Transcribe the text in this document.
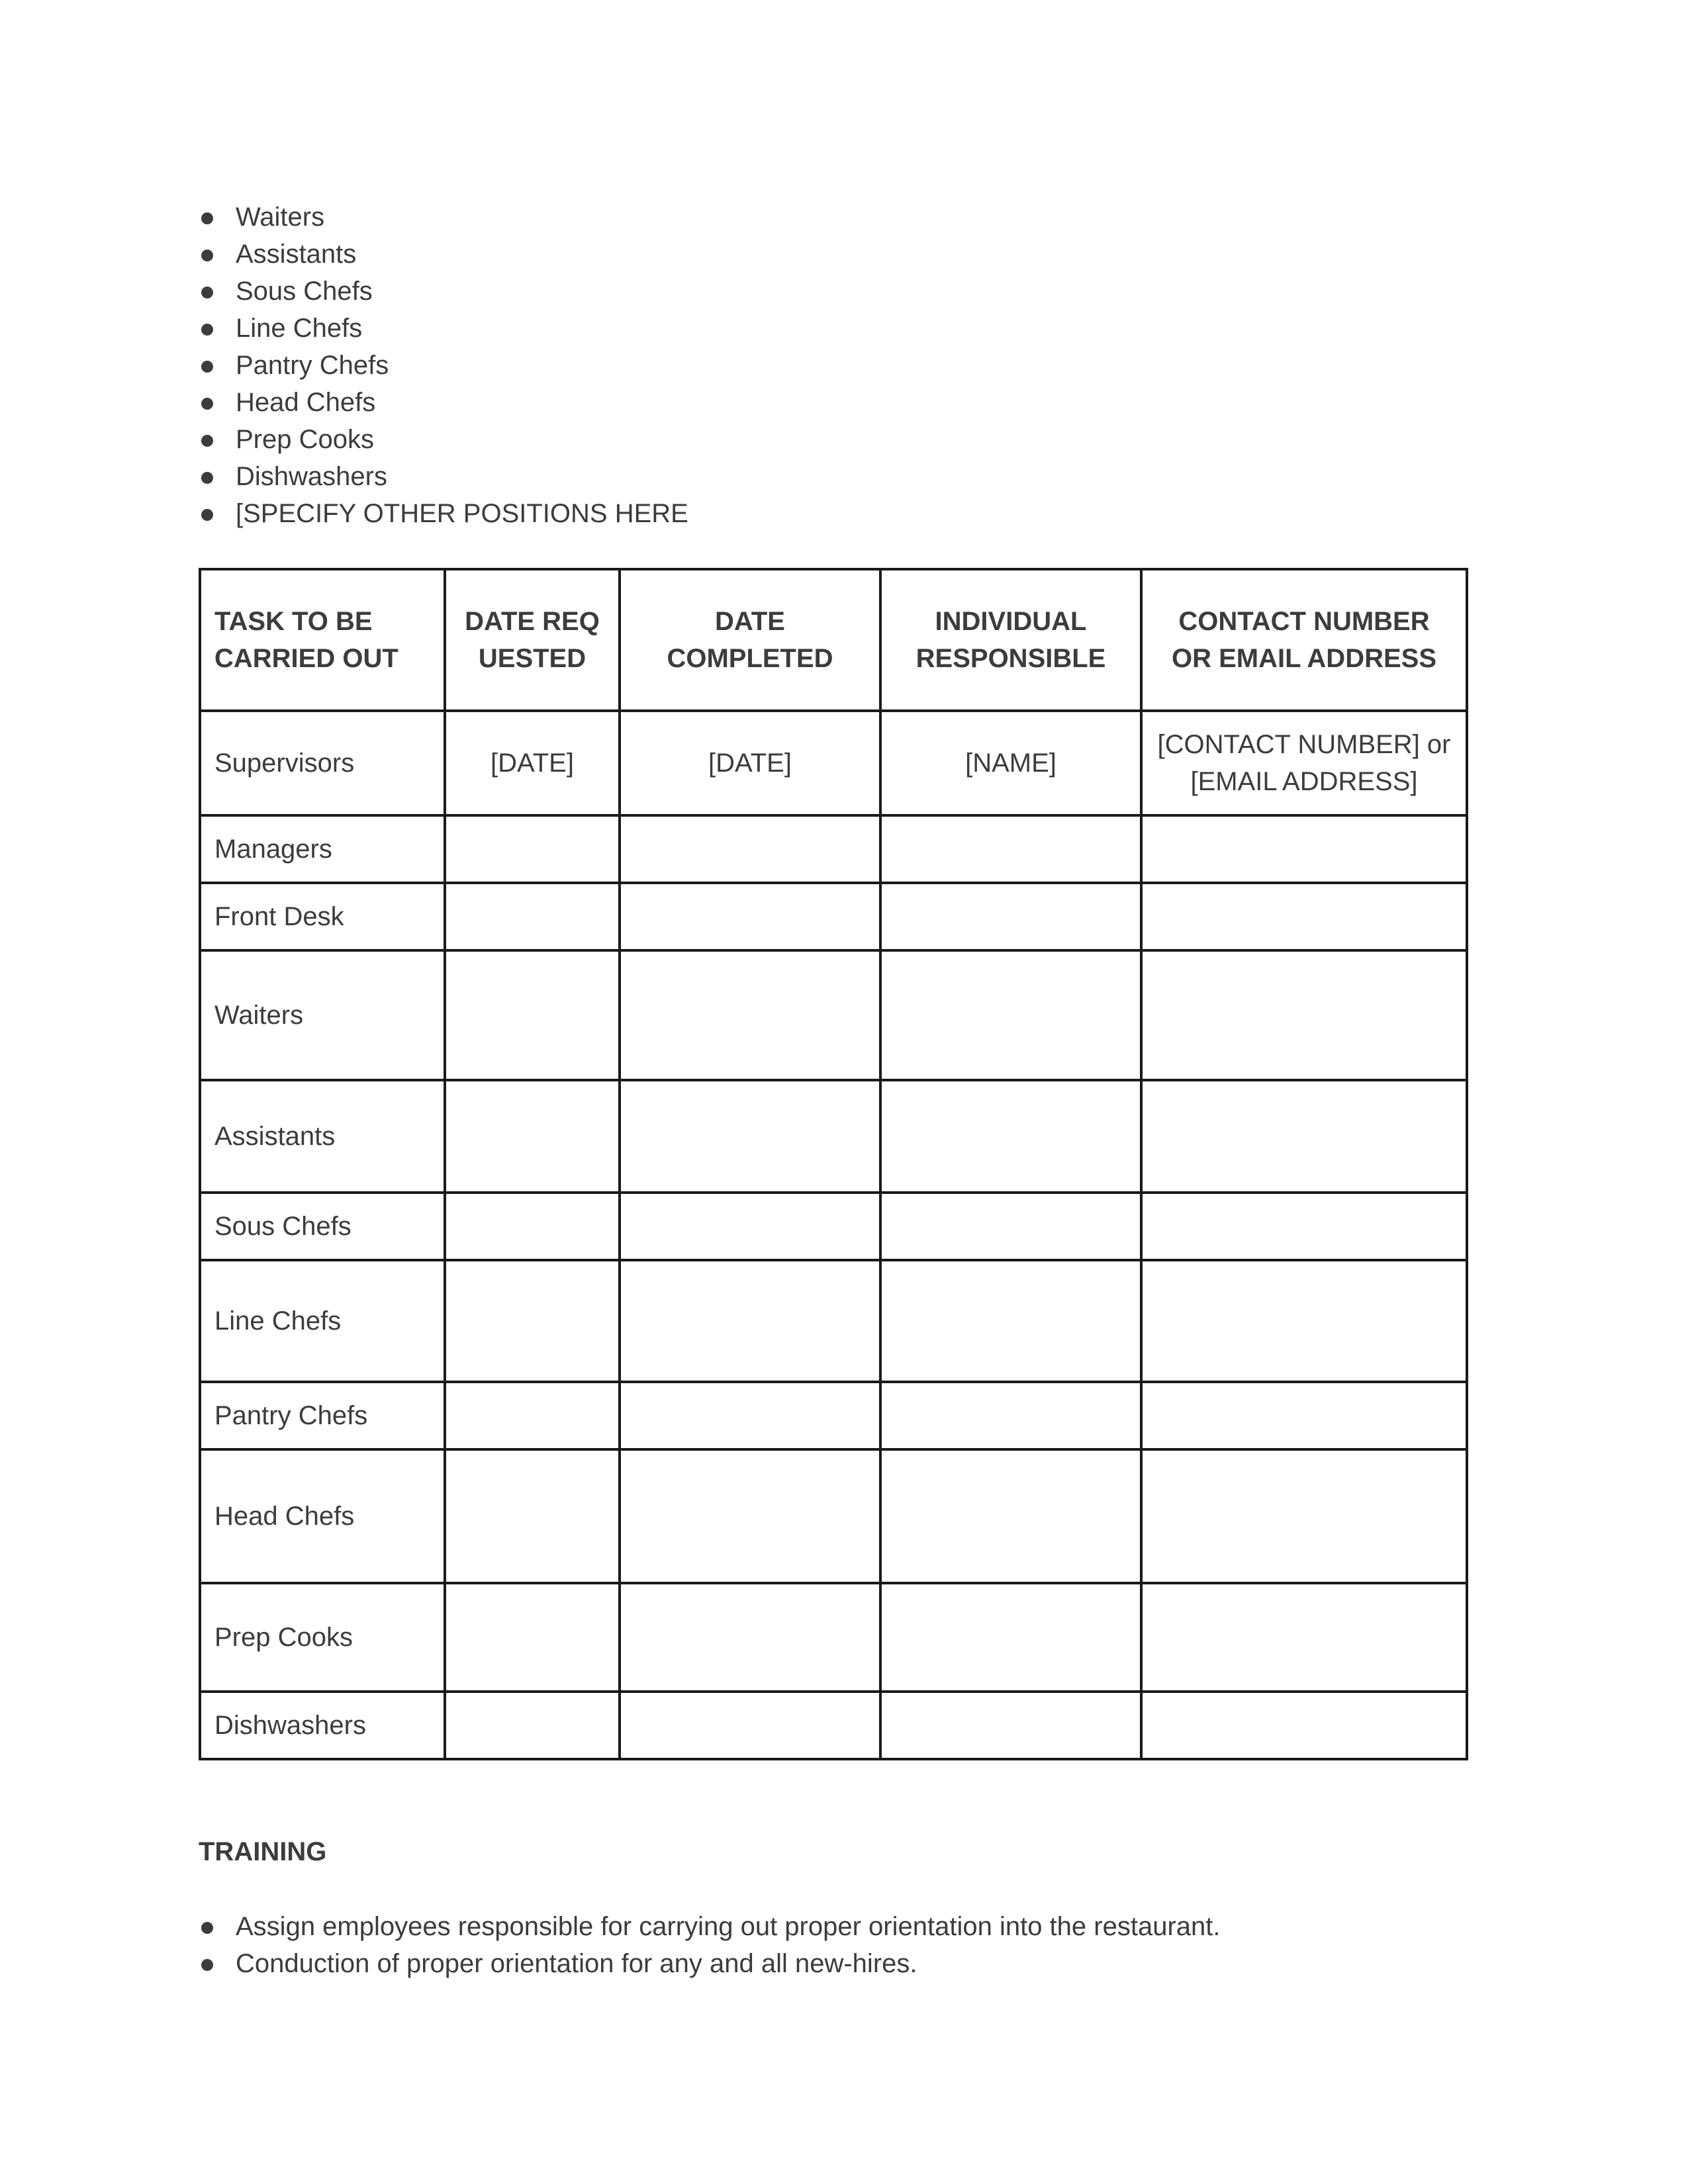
Waiters
Assistants
Sous Chefs
Line Chefs
Pantry Chefs
Head Chefs
Prep Cooks
Dishwashers
[SPECIFY OTHER POSITIONS HERE
TASK TO BE CARRIED OUT	DATE REQUESTED	DATE COMPLETED	INDIVIDUAL RESPONSIBLE	CONTACT NUMBER OR EMAIL ADDRESS
Supervisors	[DATE]	[DATE]	[NAME]	[CONTACT NUMBER] or [EMAIL ADDRESS]
Managers				
Front Desk				
Waiters				
Assistants				
Sous Chefs				
Line Chefs				
Pantry Chefs				
Head Chefs				
Prep Cooks				
Dishwashers				
TRAINING
Assign employees responsible for carrying out proper orientation into the restaurant.
Conduction of proper orientation for any and all new-hires.
